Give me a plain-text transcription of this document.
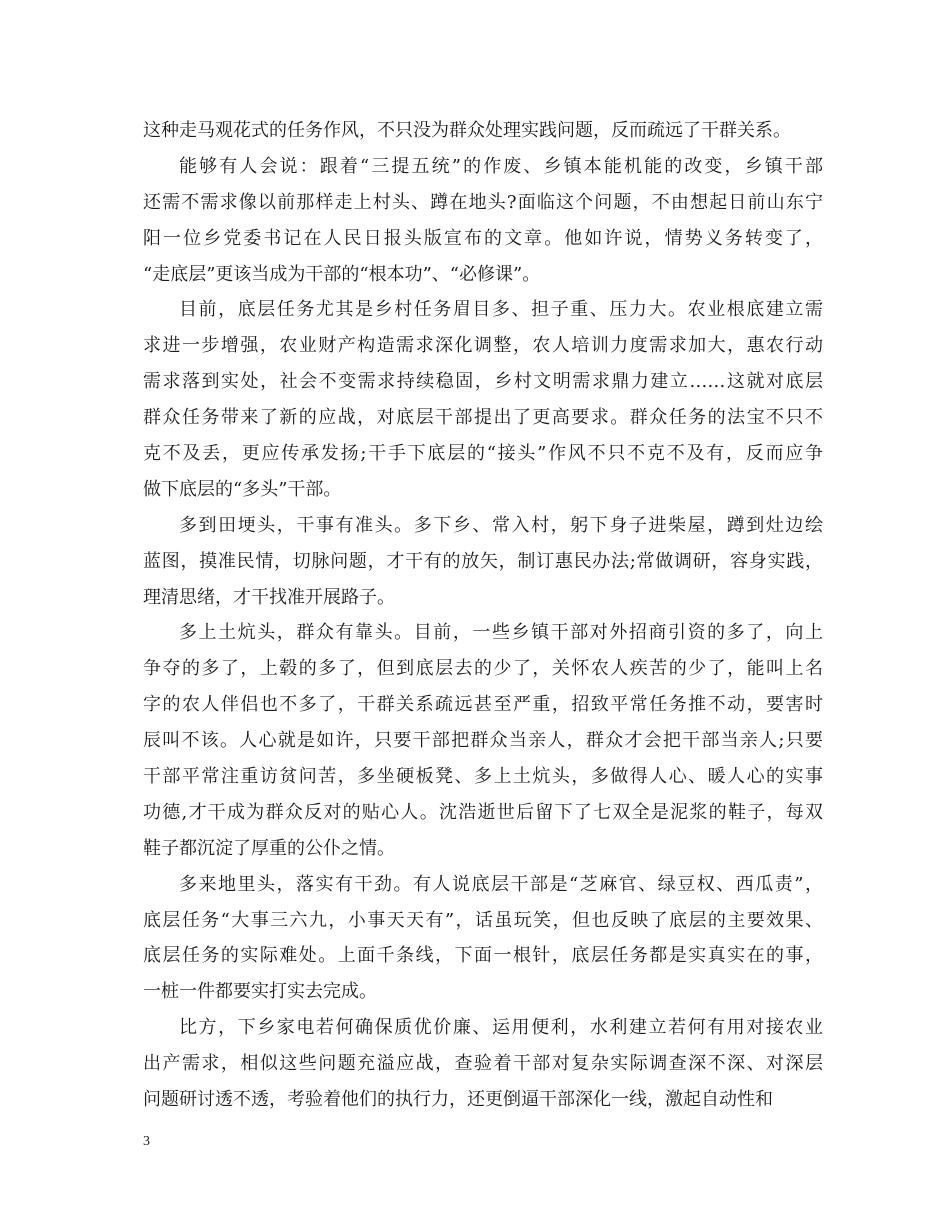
这种走马观花式的任务作风，不只没为群众处理实践问题，反而疏远了干群关系。
能够有人会说：跟着“三提五统”的作废、乡镇本能机能的改变，乡镇干部
还需不需求像以前那样走上村头、蹲在地头?面临这个问题，不由想起日前山东宁
阳一位乡党委书记在人民日报头版宣布的文章。他如许说，情势义务转变了，
“走底层”更该当成为干部的“根本功”、“必修课”。
目前，底层任务尤其是乡村任务眉目多、担子重、压力大。农业根底建立需
求进一步增强，农业财产构造需求深化调整，农人培训力度需求加大，惠农行动
需求落到实处，社会不变需求持续稳固，乡村文明需求鼎力建立……这就对底层
群众任务带来了新的应战，对底层干部提出了更高要求。群众任务的法宝不只不
克不及丢，更应传承发扬;干手下底层的“接头”作风不只不克不及有，反而应争
做下底层的“多头”干部。
多到田埂头，干事有准头。多下乡、常入村，躬下身子进柴屋，蹲到灶边绘
蓝图，摸准民情，切脉问题，才干有的放矢，制订惠民办法;常做调研，容身实践，
理清思绪，才干找准开展路子。
多上土炕头，群众有靠头。目前，一些乡镇干部对外招商引资的多了，向上
争夺的多了，上毂的多了，但到底层去的少了，关怀农人疾苦的少了，能叫上名
字的农人伴侣也不多了，干群关系疏远甚至严重，招致平常任务推不动，要害时
辰叫不该。人心就是如许，只要干部把群众当亲人，群众才会把干部当亲人;只要
干部平常注重访贫问苦，多坐硬板凳、多上土炕头，多做得人心、暖人心的实事
功德,才干成为群众反对的贴心人。沈浩逝世后留下了七双全是泥浆的鞋子，每双
鞋子都沉淀了厚重的公仆之情。
多来地里头，落实有干劲。有人说底层干部是“芝麻官、绿豆权、西瓜责”，
底层任务“大事三六九，小事天天有”，话虽玩笑，但也反映了底层的主要效果、
底层任务的实际难处。上面千条线，下面一根针，底层任务都是实真实在的事，
一桩一件都要实打实去完成。
比方，下乡家电若何确保质优价廉、运用便利，水利建立若何有用对接农业
出产需求，相似这些问题充溢应战，查验着干部对复杂实际调查深不深、对深层
问题研讨透不透，考验着他们的执行力，还更倒逼干部深化一线，激起自动性和
3
